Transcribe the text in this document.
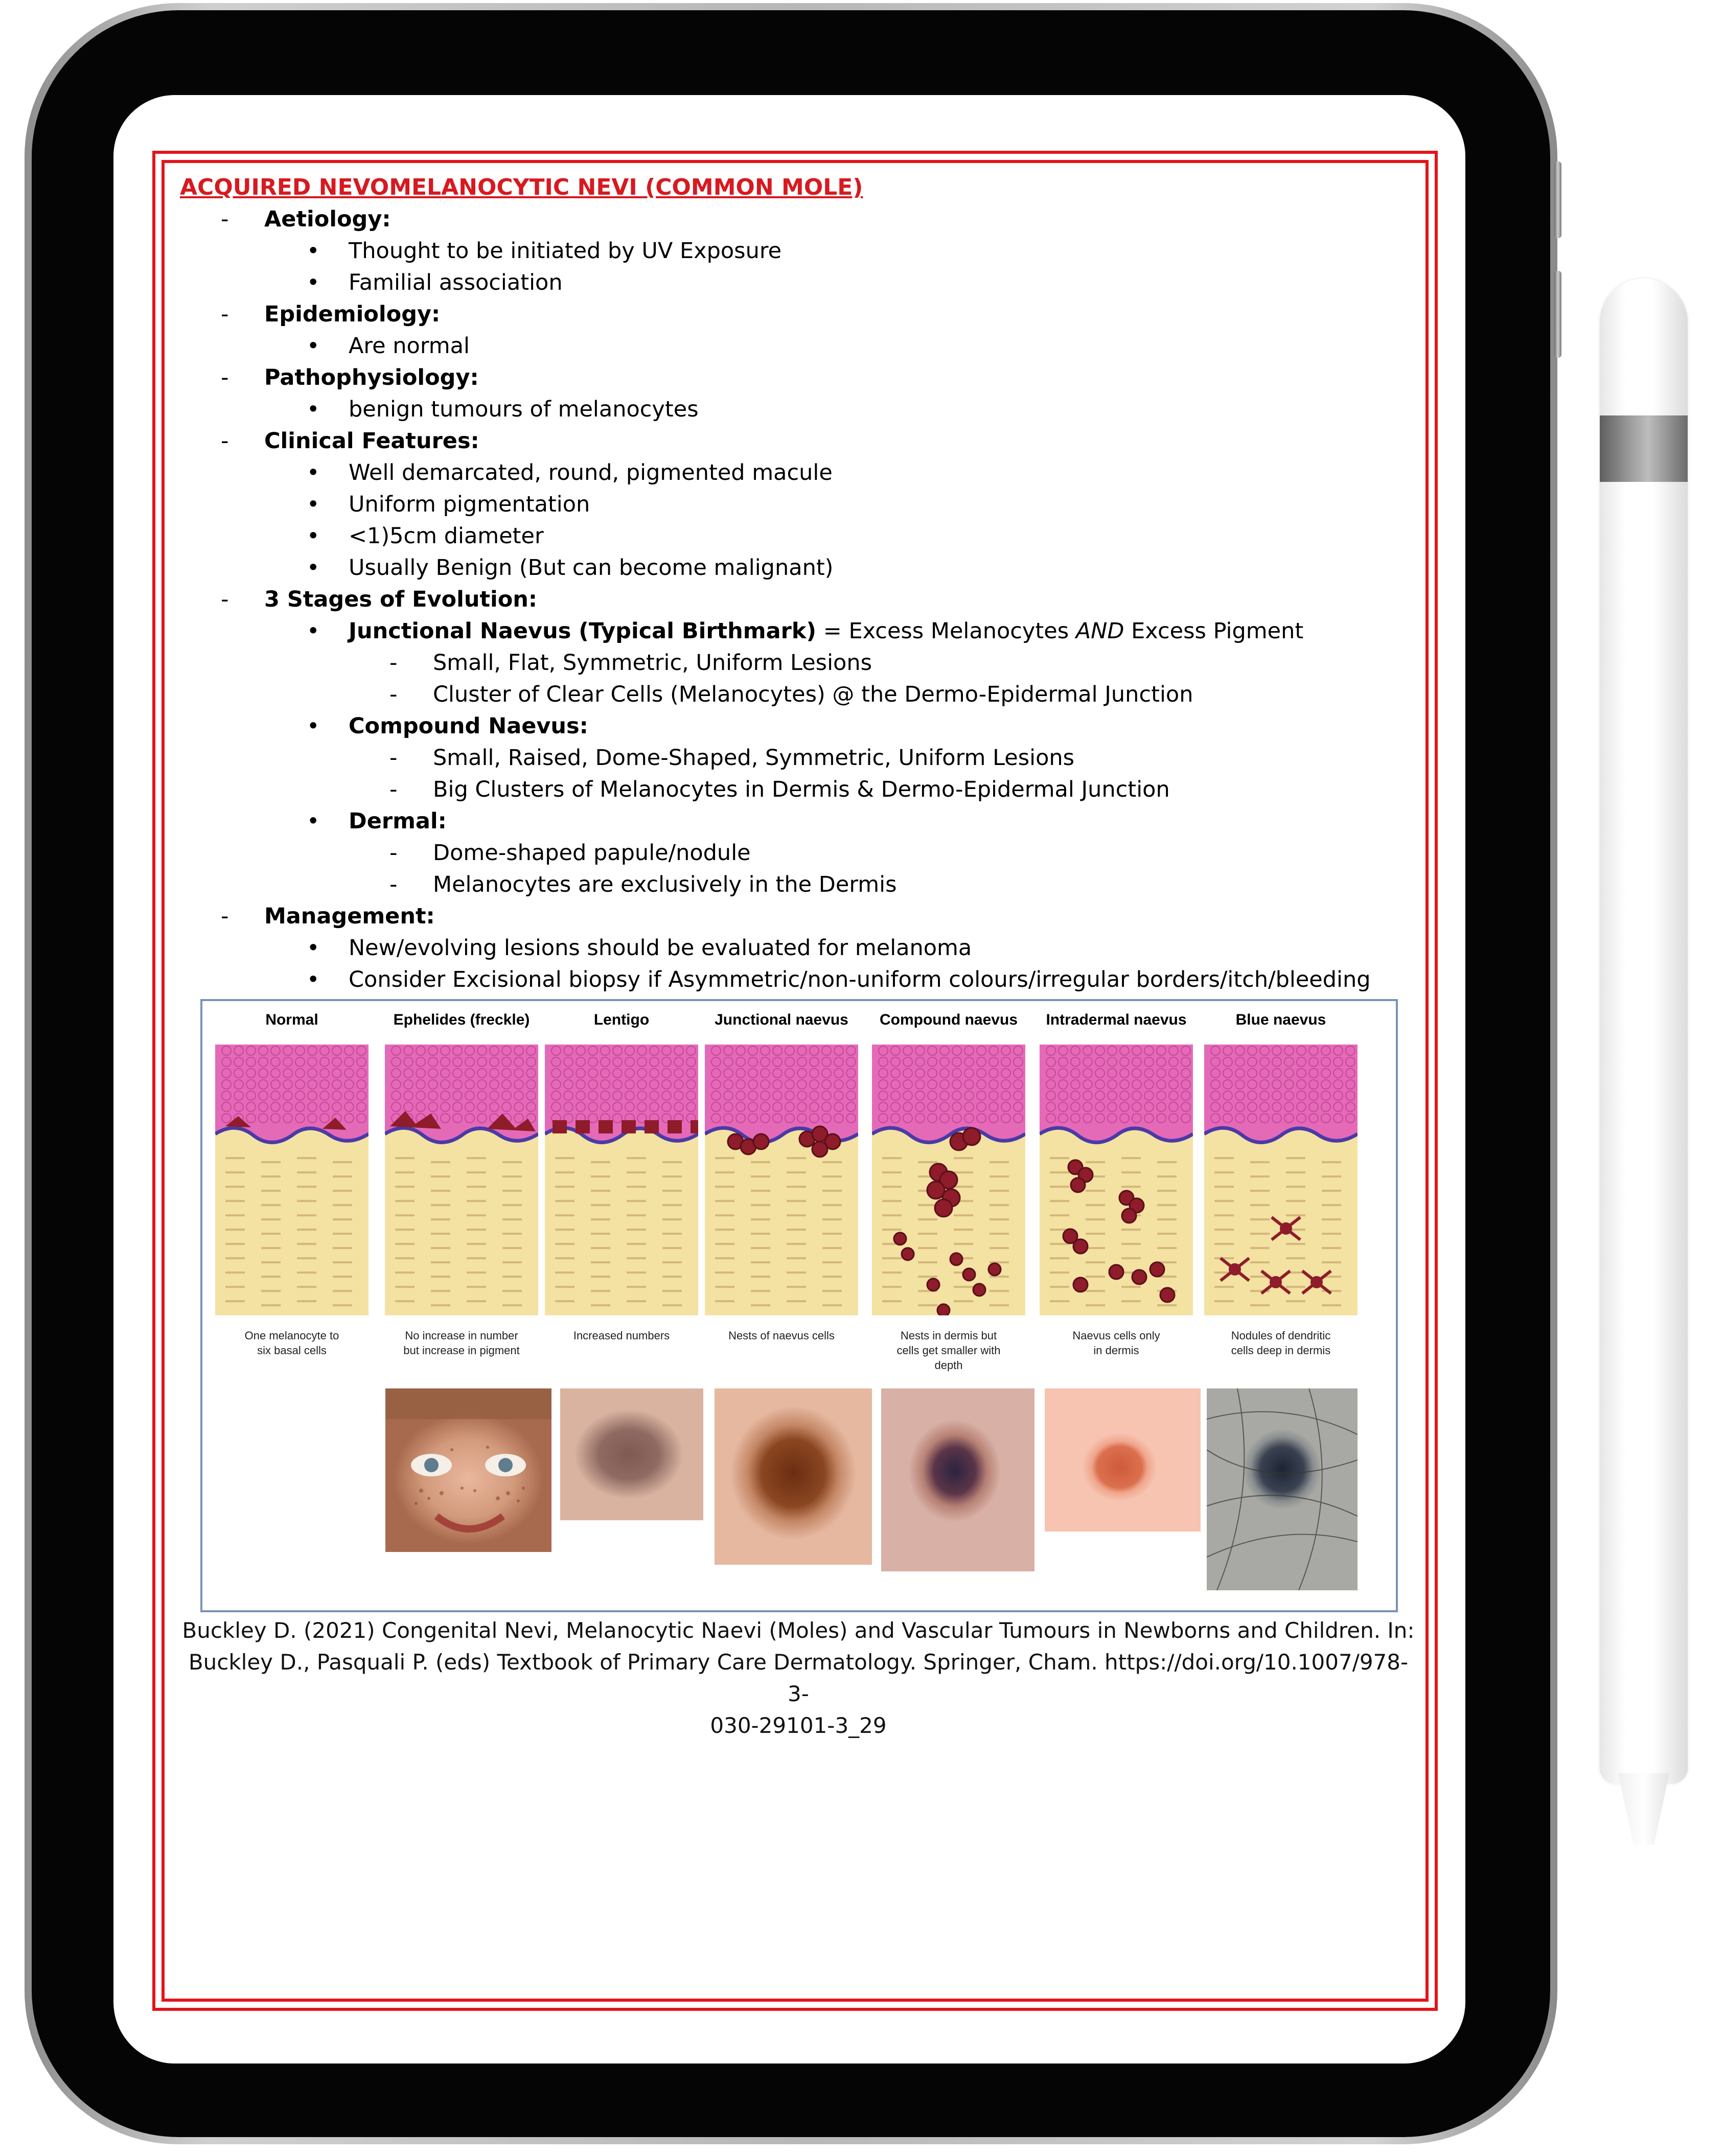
ACQUIRED NEVOMELANOCYTIC NEVI (COMMON MOLE)
- Aetiology:
• Thought to be initiated by UV Exposure
• Familial association
- Epidemiology:
• Are normal
- Pathophysiology:
• benign tumours of melanocytes
- Clinical Features:
• Well demarcated, round, pigmented macule
• Uniform pigmentation
• <1)5cm diameter
• Usually Benign (But can become malignant)
- 3 Stages of Evolution:
• Junctional Naevus (Typical Birthmark) = Excess Melanocytes AND Excess Pigment
- Small, Flat, Symmetric, Uniform Lesions
- Cluster of Clear Cells (Melanocytes) @ the Dermo-Epidermal Junction
• Compound Naevus:
- Small, Raised, Dome-Shaped, Symmetric, Uniform Lesions
- Big Clusters of Melanocytes in Dermis & Dermo-Epidermal Junction
• Dermal:
- Dome-shaped papule/nodule
- Melanocytes are exclusively in the Dermis
- Management:
• New/evolving lesions should be evaluated for melanoma
• Consider Excisional biopsy if Asymmetric/non-uniform colours/irregular borders/itch/bleeding
Normal
One melanocyte to
six basal cells
Ephelides (freckle)
No increase in number
but increase in pigment
Lentigo
Increased numbers
Junctional naevus
Nests of naevus cells
Compound naevus
Nests in dermis but
cells get smaller with
depth
Intradermal naevus
Naevus cells only
in dermis
Blue naevus
Nodules of dendritic
cells deep in dermis
Buckley D. (2021) Congenital Nevi, Melanocytic Naevi (Moles) and Vascular Tumours in Newborns and Children. In:
Buckley D., Pasquali P. (eds) Textbook of Primary Care Dermatology. Springer, Cham. https://doi.org/10.1007/978-3-
030-29101-3_29
